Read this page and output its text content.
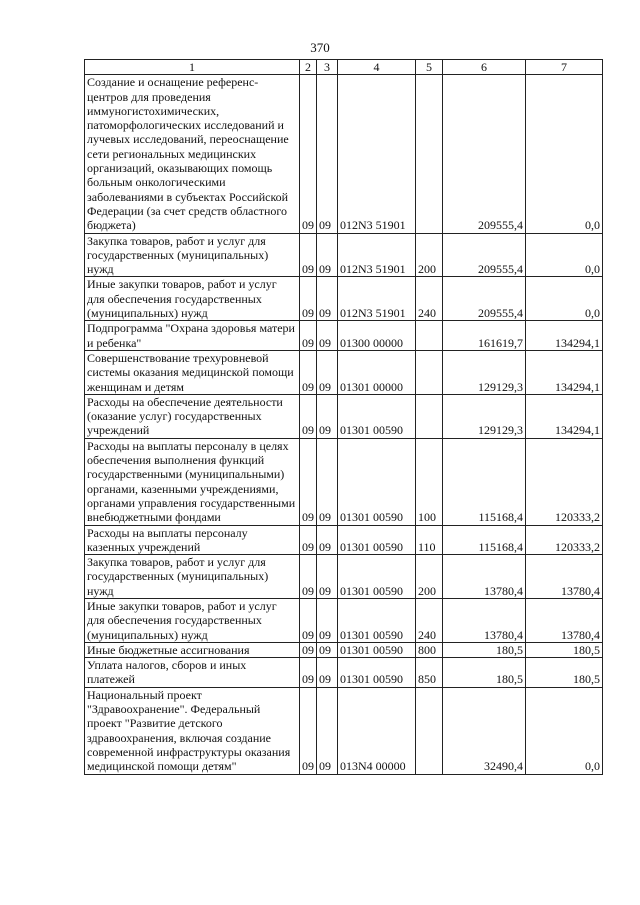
370
1	2	3	4	5	6	7
Создание и оснащение референс-центров для проведения иммуногистохимических, патоморфологических исследований и лучевых исследований, переоснащение сети региональных медицинских организаций, оказывающих помощь больным онкологическими заболеваниями в субъектах Российской Федерации (за счет средств областного бюджета)	09	09	012N3 51901		209555,4	0,0
Закупка товаров, работ и услуг для государственных (муниципальных) нужд	09	09	012N3 51901	200	209555,4	0,0
Иные закупки товаров, работ и услуг для обеспечения государственных (муниципальных) нужд	09	09	012N3 51901	240	209555,4	0,0
Подпрограмма "Охрана здоровья матери и ребенка"	09	09	01300 00000		161619,7	134294,1
Совершенствование трехуровневой системы оказания медицинской помощи женщинам и детям	09	09	01301 00000		129129,3	134294,1
Расходы на обеспечение деятельности (оказание услуг) государственных учреждений	09	09	01301 00590		129129,3	134294,1
Расходы на выплаты персоналу в целях обеспечения выполнения функций государственными (муниципальными) органами, казенными учреждениями, органами управления государственными внебюджетными фондами	09	09	01301 00590	100	115168,4	120333,2
Расходы на выплаты персоналу казенных учреждений	09	09	01301 00590	110	115168,4	120333,2
Закупка товаров, работ и услуг для государственных (муниципальных) нужд	09	09	01301 00590	200	13780,4	13780,4
Иные закупки товаров, работ и услуг для обеспечения государственных (муниципальных) нужд	09	09	01301 00590	240	13780,4	13780,4
Иные бюджетные ассигнования	09	09	01301 00590	800	180,5	180,5
Уплата налогов, сборов и иных платежей	09	09	01301 00590	850	180,5	180,5
Национальный проект "Здравоохранение". Федеральный проект "Развитие детского здравоохранения, включая создание современной инфраструктуры оказания медицинской помощи детям"	09	09	013N4 00000		32490,4	0,0
